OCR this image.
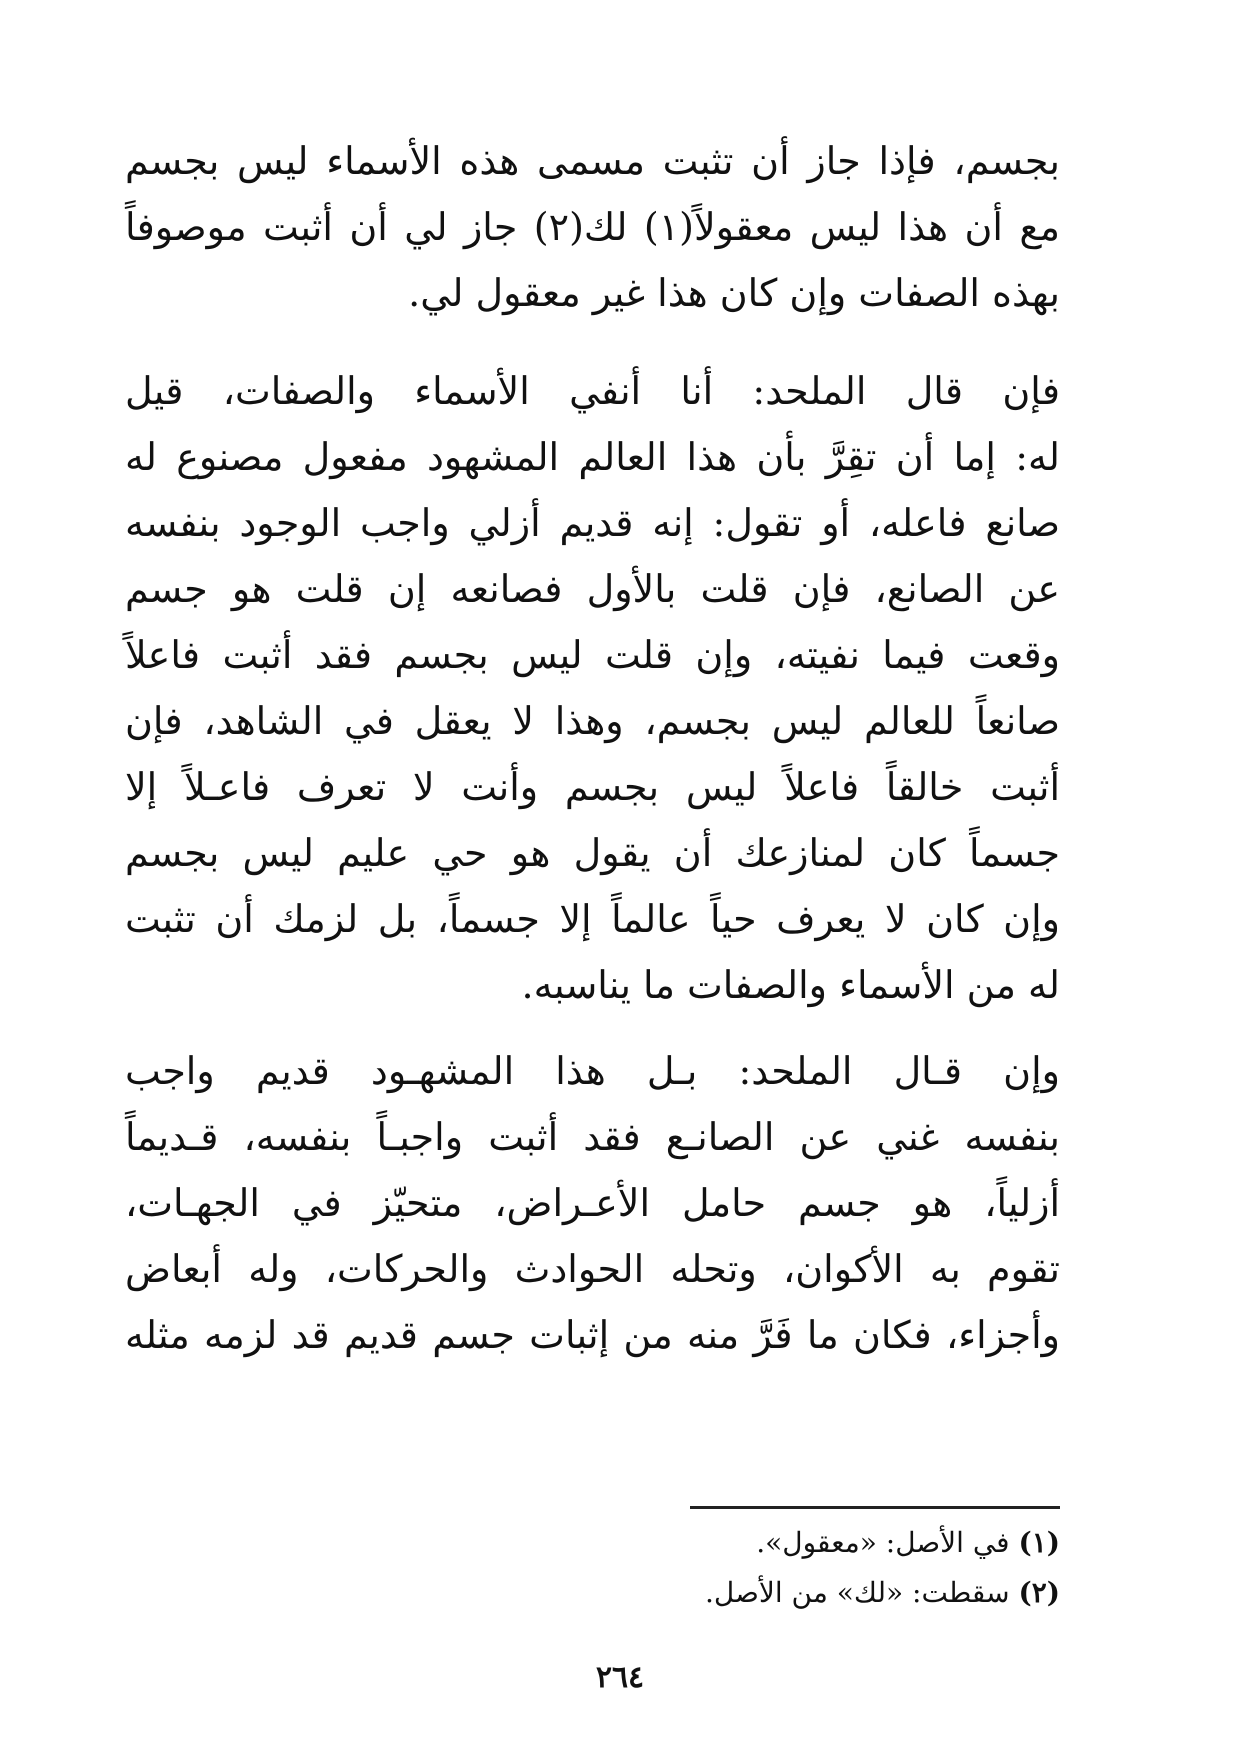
بجسم، فإذا جاز أن تثبت مسمى هذه الأسماء ليس بجسم
مع أن هذا ليس معقولاً(١) لك(٢) جاز لي أن أثبت موصوفاً
بهذه الصفات وإن كان هذا غير معقول لي.
فإن قال الملحد: أنا أنفي الأسماء والصفات، قيل
له: إما أن تقِرَّ بأن هذا العالم المشهود مفعول مصنوع له
صانع فاعله، أو تقول: إنه قديم أزلي واجب الوجود بنفسه
عن الصانع، فإن قلت بالأول فصانعه إن قلت هو جسم
وقعت فيما نفيته، وإن قلت ليس بجسم فقد أثبت فاعلاً
صانعاً للعالم ليس بجسم، وهذا لا يعقل في الشاهد، فإن
أثبت خالقاً فاعلاً ليس بجسم وأنت لا تعرف فاعـلاً إلا
جسماً كان لمنازعك أن يقول هو حي عليم ليس بجسم
وإن كان لا يعرف حياً عالماً إلا جسماً، بل لزمك أن تثبت
له من الأسماء والصفات ما يناسبه.
وإن قـال الملحد: بـل هذا المشهـود قديم واجب
بنفسه غني عن الصانـع فقد أثبت واجبـاً بنفسه، قـديماً
أزلياً، هو جسم حامل الأعـراض، متحيّز في الجهـات،
تقوم به الأكوان، وتحله الحوادث والحركات، وله أبعاض
وأجزاء، فكان ما فَرَّ منه من إثبات جسم قديم قد لزمه مثله
(١) في الأصل: «معقول».
(٢) سقطت: «لك» من الأصل.
٢٦٤
